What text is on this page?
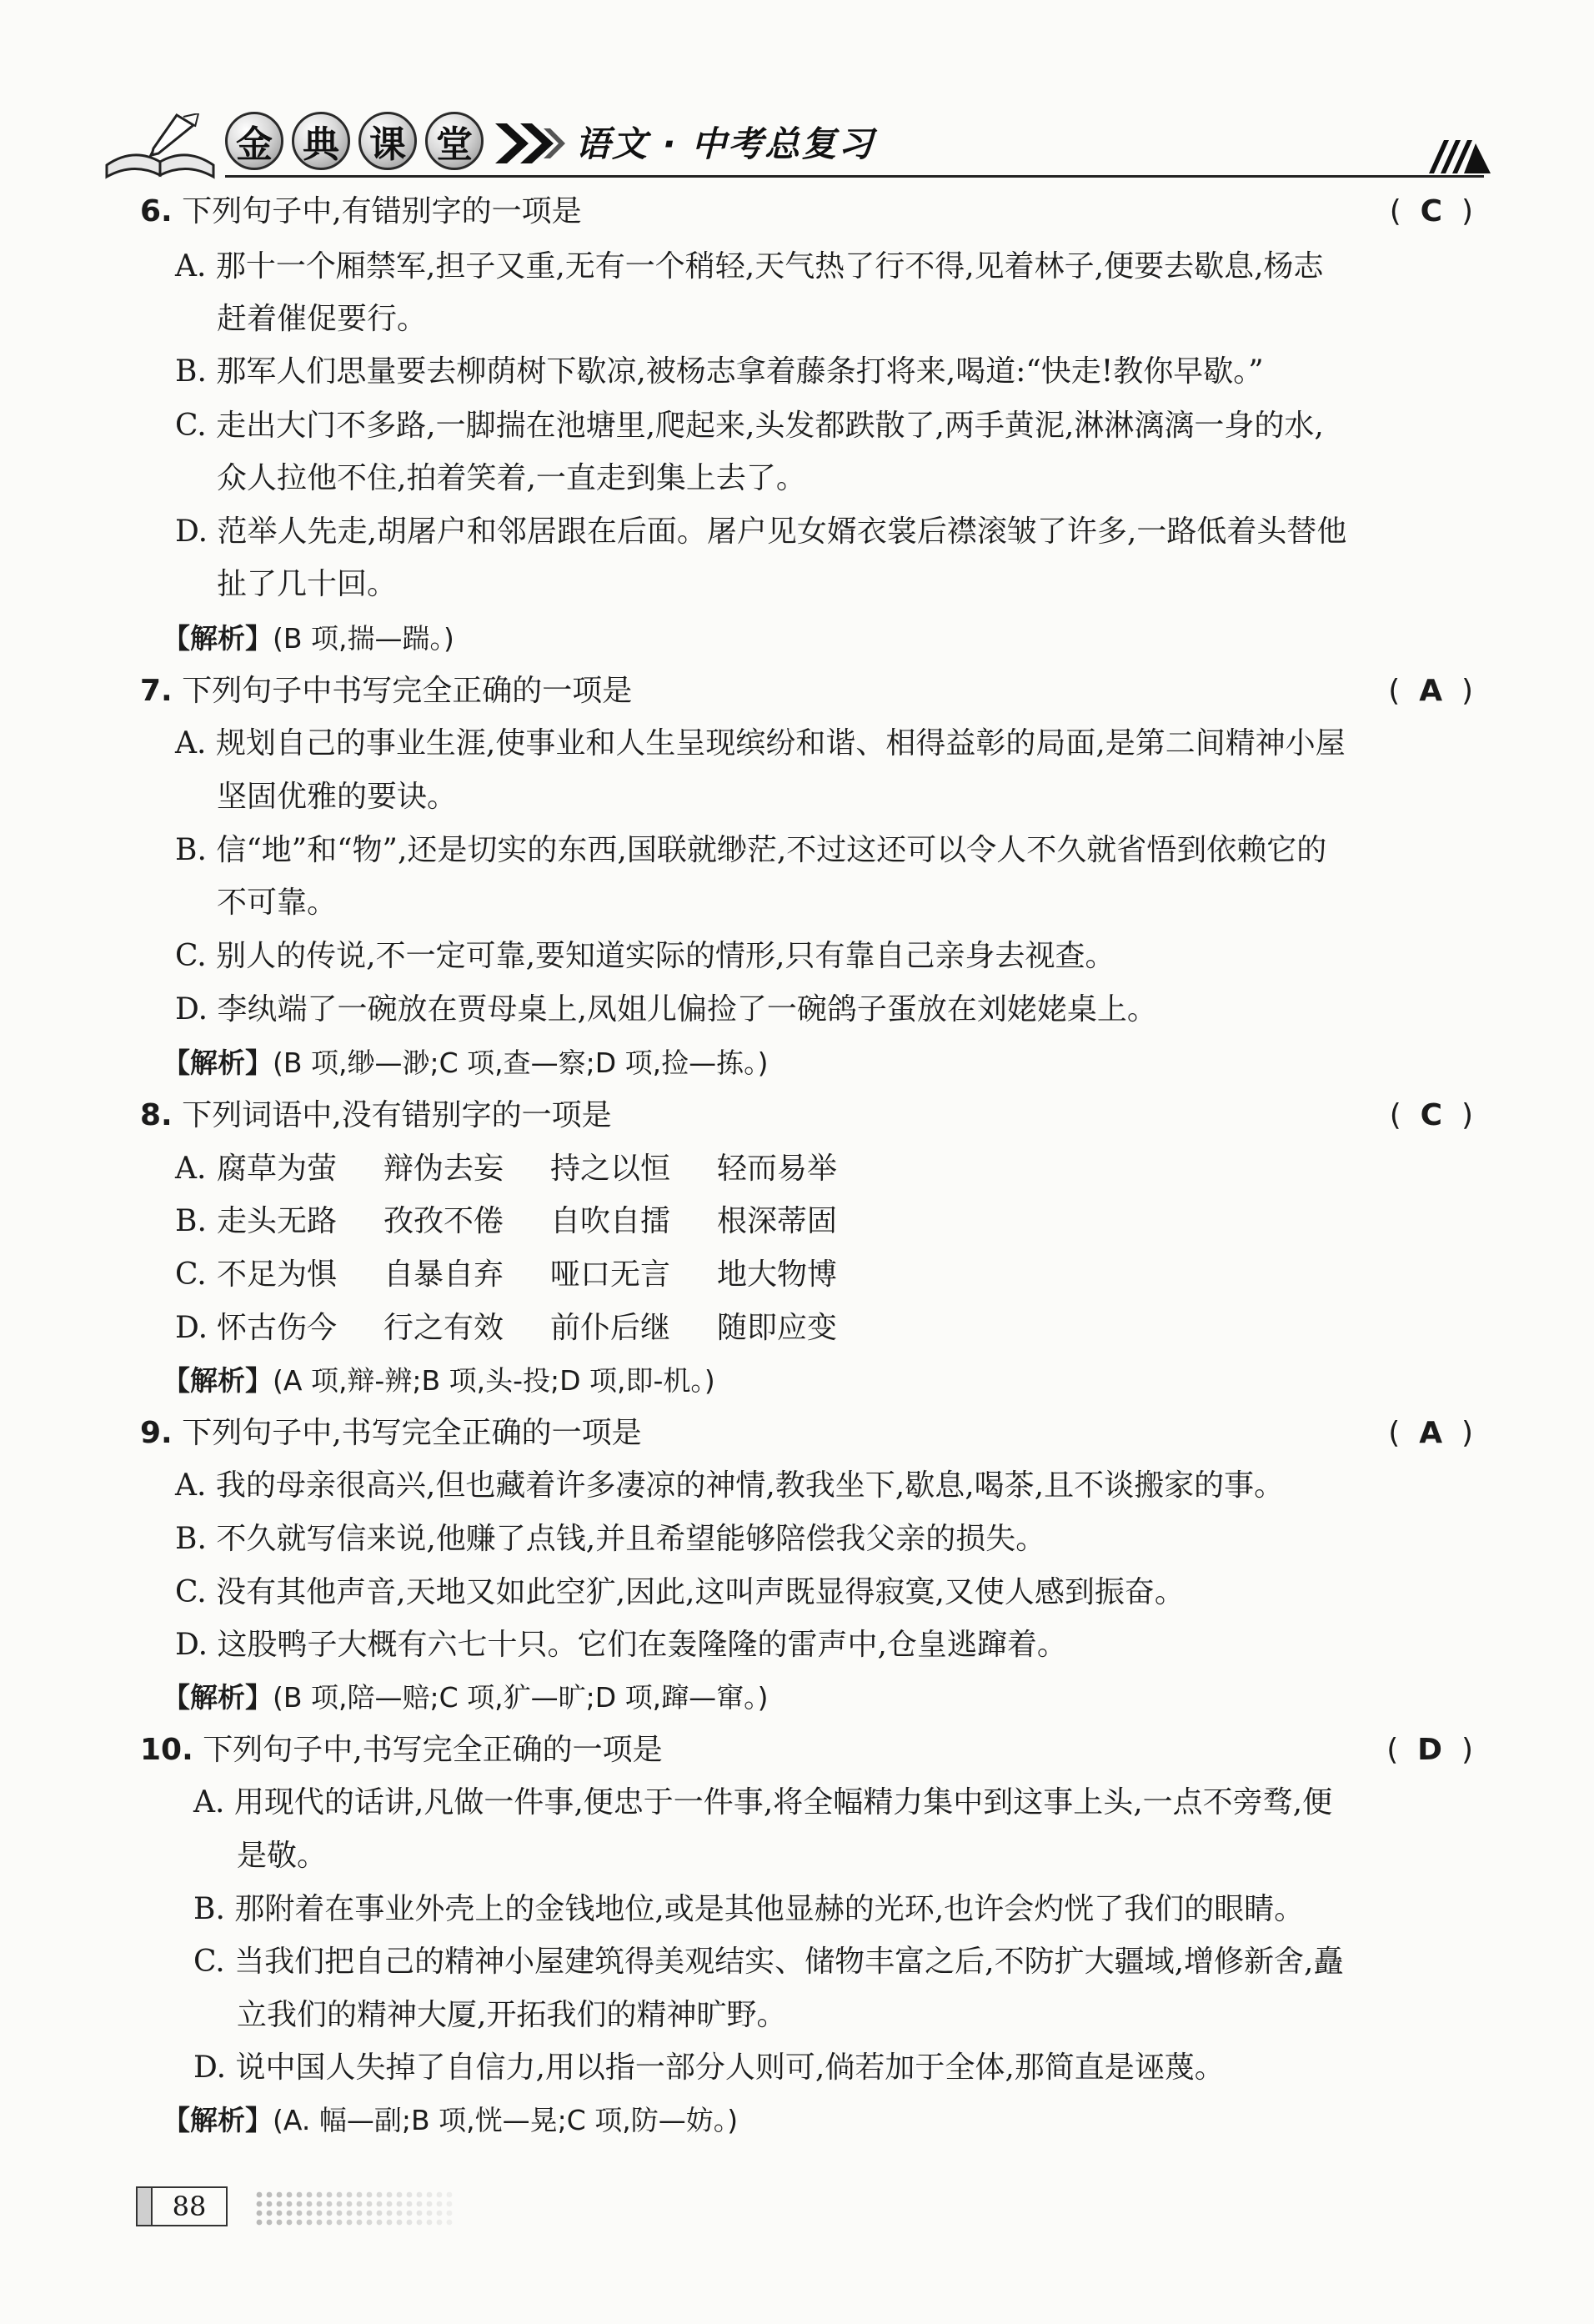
金 典 课 堂	语文 · 中考总复习
6. 下列句子中,有错别字的一项是	(  C  )
A. 那十一个厢禁军,担子又重,无有一个稍轻,天气热了行不得,见着林子,便要去歇息,杨志
赶着催促要行。
B. 那军人们思量要去柳荫树下歇凉,被杨志拿着藤条打将来,喝道:“快走!教你早歇。”
C. 走出大门不多路,一脚揣在池塘里,爬起来,头发都跌散了,两手黄泥,淋淋漓漓一身的水,
众人拉他不住,拍着笑着,一直走到集上去了。
D. 范举人先走,胡屠户和邻居跟在后面。屠户见女婿衣裳后襟滚皱了许多,一路低着头替他
扯了几十回。
【解析】(B 项,揣—踹。)
7. 下列句子中书写完全正确的一项是	(  A  )
A. 规划自己的事业生涯,使事业和人生呈现缤纷和谐、相得益彰的局面,是第二间精神小屋
坚固优雅的要诀。
B. 信“地”和“物”,还是切实的东西,国联就缈茫,不过这还可以令人不久就省悟到依赖它的
不可靠。
C. 别人的传说,不一定可靠,要知道实际的情形,只有靠自己亲身去视查。
D. 李纨端了一碗放在贾母桌上,凤姐儿偏捡了一碗鸽子蛋放在刘姥姥桌上。
【解析】(B 项,缈—渺;C 项,查—察;D 项,捡—拣。)
8. 下列词语中,没有错别字的一项是	(  C  )
A. 腐草为萤 辩伪去妄 持之以恒 轻而易举
B. 走头无路 孜孜不倦 自吹自擂 根深蒂固
C. 不足为惧 自暴自弃 哑口无言 地大物博
D. 怀古伤今 行之有效 前仆后继 随即应变
【解析】(A 项,辩-辨;B 项,头-投;D 项,即-机。)
9. 下列句子中,书写完全正确的一项是	(  A  )
A. 我的母亲很高兴,但也藏着许多凄凉的神情,教我坐下,歇息,喝茶,且不谈搬家的事。
B. 不久就写信来说,他赚了点钱,并且希望能够陪偿我父亲的损失。
C. 没有其他声音,天地又如此空犷,因此,这叫声既显得寂寞,又使人感到振奋。
D. 这股鸭子大概有六七十只。它们在轰隆隆的雷声中,仓皇逃蹿着。
【解析】(B 项,陪—赔;C 项,犷—旷;D 项,蹿—窜。)
10. 下列句子中,书写完全正确的一项是	(  D  )
A. 用现代的话讲,凡做一件事,便忠于一件事,将全幅精力集中到这事上头,一点不旁骛,便
是敬。
B. 那附着在事业外壳上的金钱地位,或是其他显赫的光环,也许会灼恍了我们的眼睛。
C. 当我们把自己的精神小屋建筑得美观结实、储物丰富之后,不防扩大疆域,增修新舍,矗
立我们的精神大厦,开拓我们的精神旷野。
D. 说中国人失掉了自信力,用以指一部分人则可,倘若加于全体,那简直是诬蔑。
【解析】(A. 幅—副;B 项,恍—晃;C 项,防—妨。)
88
